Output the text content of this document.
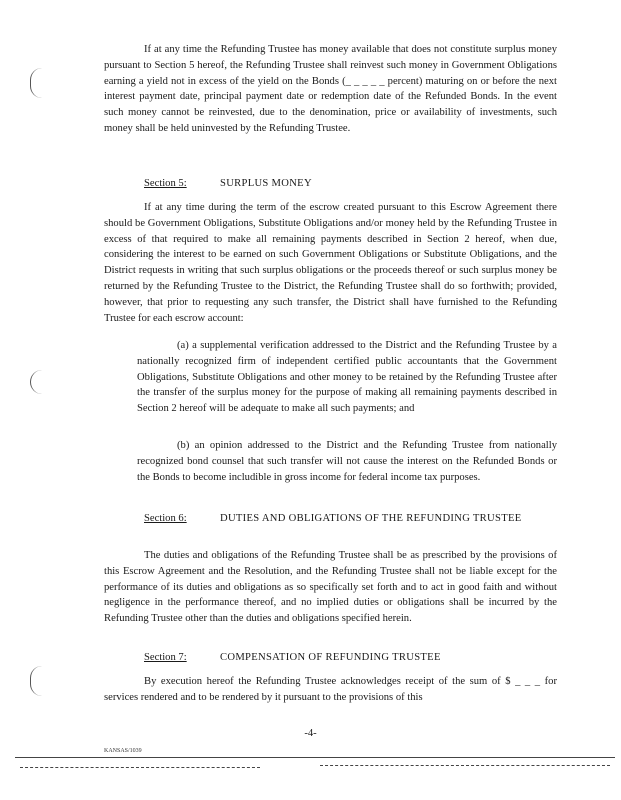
If at any time the Refunding Trustee has money available that does not constitute surplus money pursuant to Section 5 hereof, the Refunding Trustee shall reinvest such money in Government Obligations earning a yield not in excess of the yield on the Bonds (_ _ _ _ _ percent) maturing on or before the next interest payment date, principal payment date or redemption date of the Refunded Bonds. In the event such money cannot be reinvested, due to the denomination, price or availability of investments, such money shall be held uninvested by the Refunding Trustee.

Section 5:	SURPLUS MONEY

If at any time during the term of the escrow created pursuant to this Escrow Agreement there should be Government Obligations, Substitute Obligations and/or money held by the Refunding Trustee in excess of that required to make all remaining payments described in Section 2 hereof, when due, considering the interest to be earned on such Government Obligations or Substitute Obligations, and the District requests in writing that such surplus obligations or the proceeds thereof or such surplus money be returned by the Refunding Trustee to the District, the Refunding Trustee shall do so forthwith; provided, however, that prior to requesting any such transfer, the District shall have furnished to the Refunding Trustee for each escrow account:

(a) a supplemental verification addressed to the District and the Refunding Trustee by a nationally recognized firm of independent certified public accountants that the Government Obligations, Substitute Obligations and other money to be retained by the Refunding Trustee after the transfer of the surplus money for the purpose of making all remaining payments described in Section 2 hereof will be adequate to make all such payments; and

(b) an opinion addressed to the District and the Refunding Trustee from nationally recognized bond counsel that such transfer will not cause the interest on the Refunded Bonds or the Bonds to become includible in gross income for federal income tax purposes.

Section 6:	DUTIES AND OBLIGATIONS OF THE REFUNDING TRUSTEE

The duties and obligations of the Refunding Trustee shall be as prescribed by the provisions of this Escrow Agreement and the Resolution, and the Refunding Trustee shall not be liable except for the performance of its duties and obligations as so specifically set forth and to act in good faith and without negligence in the performance thereof, and no implied duties or obligations shall be incurred by the Refunding Trustee other than the duties and obligations specified herein.

Section 7:	COMPENSATION OF REFUNDING TRUSTEE

By execution hereof the Refunding Trustee acknowledges receipt of the sum of $ _ _ _ for services rendered and to be rendered by it pursuant to the provisions of this

-4-
KANSAS/1039
